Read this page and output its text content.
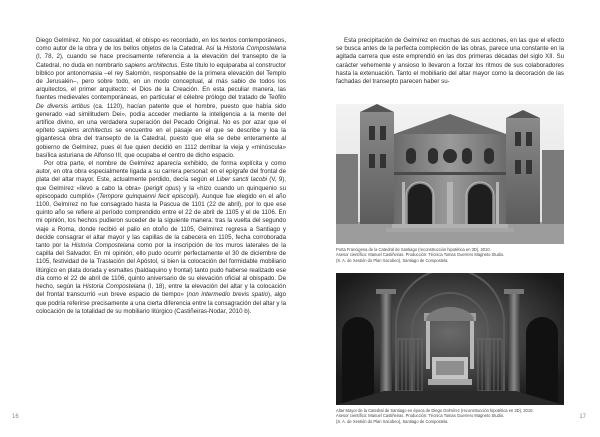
Diego Gelmírez. No por casualidad, el obispo es recordado, en los textos contemporáneos, como autor de la obra y de los bellos objetos de la Catedral. Así la Historia Compostelana (I, 78, 2), cuando se hace precisamente referencia a la elevación del transepto de la Catedral, no duda en nombrarlo sapiens architectus. Este título lo equiparaba al constructor bíblico por antonomasia –el rey Salomón, responsable de la primera elevación del Templo de Jerusalén–, pero sobre todo, en un modo conceptual, al más sabio de todos los arquitectos, el primer arquitecto: el Dios de la Creación. En esta peculiar manera, las fuentes medievales contemporáneas, en particular el célebre prólogo del tratado de Teófilo De diversis artibus (ca. 1120), hacían patente que el hombre, puesto que había sido generado «ad similitudem Dei», podía acceder mediante la inteligencia a la mente del artífice divino, en una verdadera superación del Pecado Original. No es por azar que el epíteto sapiens architectus se encuentre en el pasaje en el que se describe y loa la gigantesca obra del transepto de la Catedral, puesto que ella se debe enteramente al gobierno de Gelmírez, pues él fue quien decidió en 1112 derribar la vieja y «minúscula» basílica asturiana de Alfonso III, que ocupaba el centro de dicho espacio.

Por otra parte, el nombre de Gelmírez aparecía exhibido, de forma explícita y como autor, en otra obra especialmente ligada a su carrera personal: en el epígrafe del frontal de plata del altar mayor. Este, actualmente perdido, decía según el Liber sancti Iacobi (V, 9), que Gelmírez «llevó a cabo la obra» (perigit opus) y la «hizo cuando un quinquenio su episcopado cumplió» (Tempore quinquenni fecit episcopii). Aunque fue elegido en el año 1100, Gelmírez no fue consagrado hasta la Pascua de 1101 (22 de abril), por lo que ese quinto año se refiere al período comprendido entre el 22 de abril de 1105 y el de 1106. En mi opinión, los hechos pudieron suceder de la siguiente manera: tras la vuelta del segundo viaje a Roma, donde recibió el palio en otoño de 1105, Gelmírez regresa a Santiago y decide consagrar el altar mayor y las capillas de la cabecera en 1105, fecha corroborada tanto por la Historia Compostelana como por la inscripción de los muros laterales de la capilla del Salvador. En mi opinión, ello pudo ocurrir perfectamente el 30 de diciembre de 1105, festividad de la Traslación del Apóstol, si bien la colocación del formidable mobiliario litúrgico en plata dorada y esmaltes (baldaquino y frontal) tanto pudo haberse realizado ese día como el 22 de abril de 1106, quinto aniversario de su elevación oficial al obispado. De hecho, según la Historia Compostelana (I, 18), entre la elevación del altar y la colocación del frontal transcurrió «un breve espacio de tiempo» (non intermedio brevis spatio), algo que podría referirse precisamente a una cierta diferencia entre la consagración del altar y la colocación de la totalidad de su mobiliario litúrgico (Castiñeiras-Nodar, 2010 b).

16

Esta precipitación de Gelmírez en muchas de sus acciones, en las que el efecto se busca antes de la perfecta compleción de las obras, parece una constante en la agitada carrera que este emprendió en las dos primeras décadas del siglo XII. Su carácter vehemente y ansioso lo llevaron a forzar los ritmos de sus colaboradores hasta la extenuación. Tanto el mobiliario del altar mayor como la decoración de las fachadas del transepto parecen haber su-

Porta Francigena de la Catedral de Santiago (reconstrucción hipotética en 3D), 2010.
Asesor científico: Manuel Castiñeiras. Producción: Técnica Tomas Guerrero Magneto Studio.
(S. A. de Xestión do Plan Xacobeo), Santiago de Compostela.
Altar Mayor de la Catedral de Santiago en época de Diego Gelmírez (reconstrucción hipotética en 3D), 2010.
Asesor científico: Manuel Castiñeiras. Producción: Técnica Tomas Guerrero Magneto Studio.
(S. A. de Xestión do Plan Xacobeo), Santiago de Compostela.
17
